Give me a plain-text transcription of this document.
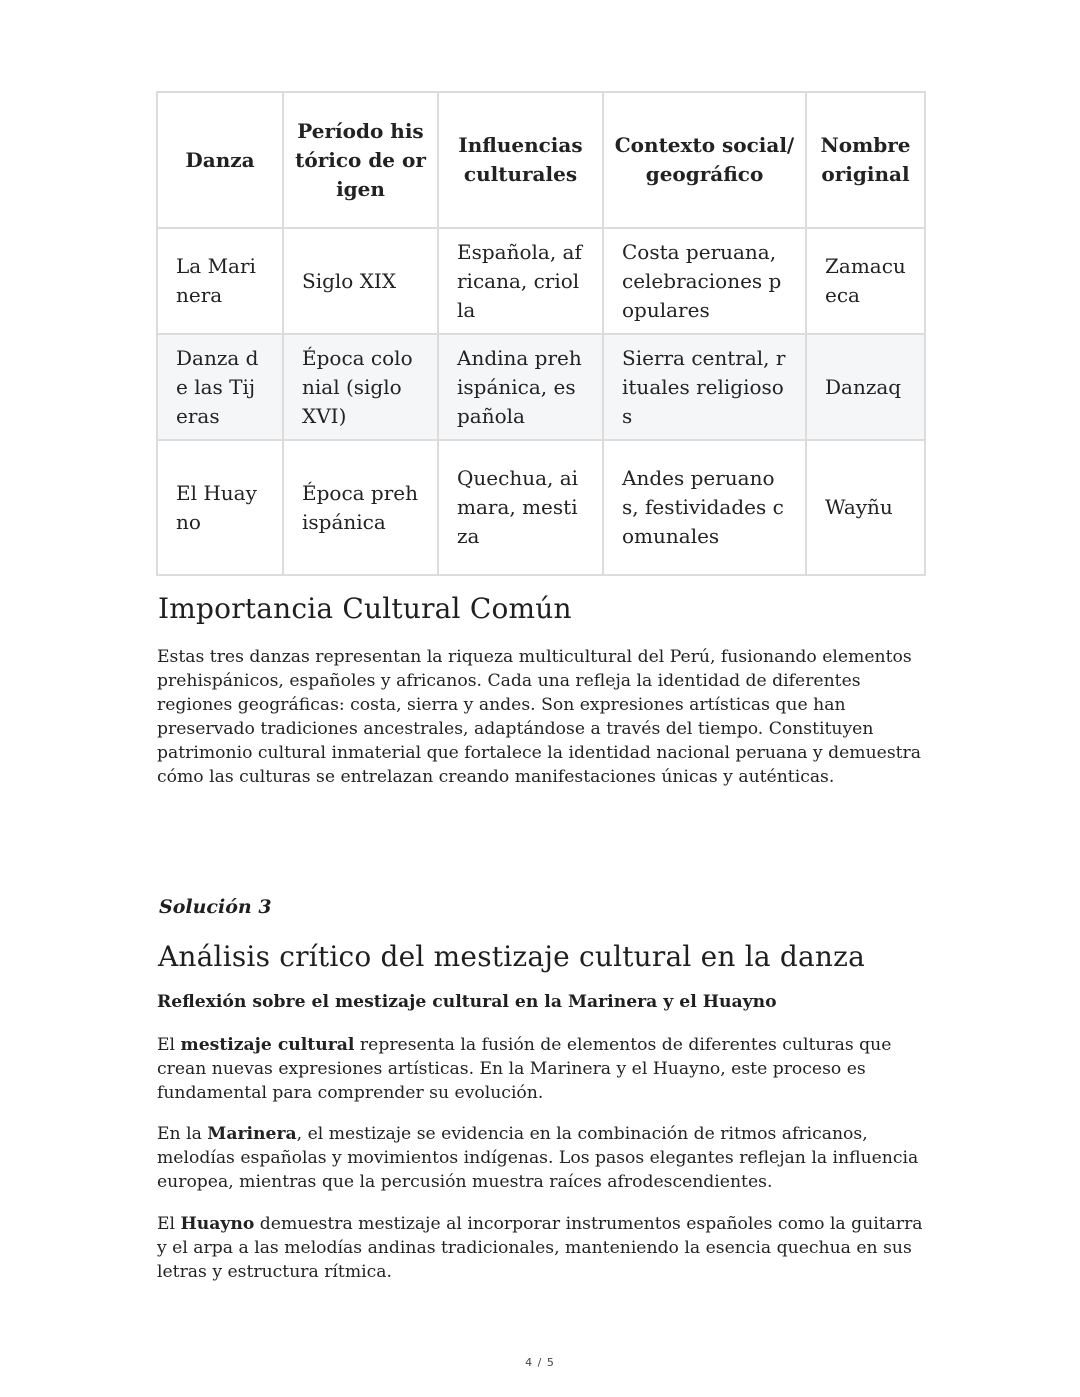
Danza	Período histórico de origen	Influencias culturales	Contexto social/geográfico	Nombre original
La Marinera	Siglo XIX	Española, africana, criolla	Costa peruana, celebraciones populares	Zamacueca
Danza de las Tijeras	Época colonial (siglo XVI)	Andina prehispánica, española	Sierra central, rituales religiosos	Danzaq
El Huayno	Época prehispánica	Quechua, aimara, mestiza	Andes peruanos, festividades comunales	Wayñu
Importancia Cultural Común

Estas tres danzas representan la riqueza multicultural del Perú, fusionando elementos prehispánicos, españoles y africanos. Cada una refleja la identidad de diferentes regiones geográficas: costa, sierra y andes. Son expresiones artísticas que han preservado tradiciones ancestrales, adaptándose a través del tiempo. Constituyen patrimonio cultural inmaterial que fortalece la identidad nacional peruana y demuestra cómo las culturas se entrelazan creando manifestaciones únicas y auténticas.

Solución 3

Análisis crítico del mestizaje cultural en la danza

Reflexión sobre el mestizaje cultural en la Marinera y el Huayno

El mestizaje cultural representa la fusión de elementos de diferentes culturas que crean nuevas expresiones artísticas. En la Marinera y el Huayno, este proceso es fundamental para comprender su evolución.

En la Marinera, el mestizaje se evidencia en la combinación de ritmos africanos, melodías españolas y movimientos indígenas. Los pasos elegantes reflejan la influencia europea, mientras que la percusión muestra raíces afrodescendientes.

El Huayno demuestra mestizaje al incorporar instrumentos españoles como la guitarra y el arpa a las melodías andinas tradicionales, manteniendo la esencia quechua en sus letras y estructura rítmica.

4 / 5
